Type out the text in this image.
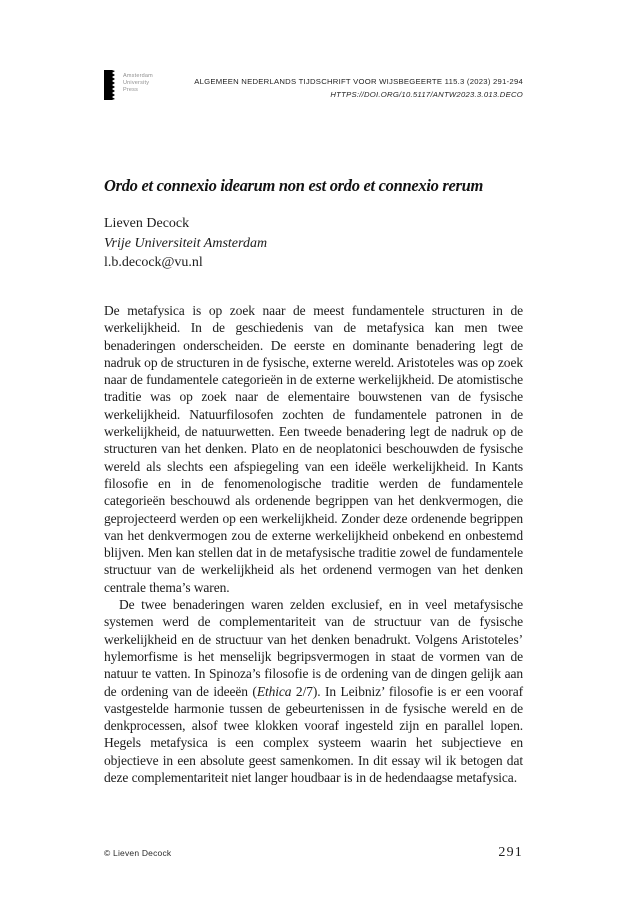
Amsterdam
University
Press
ALGEMEEN NEDERLANDS TIJDSCHRIFT VOOR WIJSBEGEERTE 115.3 (2023) 291-294
HTTPS://DOI.ORG/10.5117/ANTW2023.3.013.DECO
Ordo et connexio idearum non est ordo et connexio rerum
Lieven Decock
Vrije Universiteit Amsterdam
l.b.decock@vu.nl

De metafysica is op zoek naar de meest fundamentele structuren in de werkelijkheid. In de geschiedenis van de metafysica kan men twee benaderingen onderscheiden. De eerste en dominante benadering legt de nadruk op de structuren in de fysische, externe wereld. Aristoteles was op zoek naar de fundamentele categorieën in de externe werkelijkheid. De atomistische traditie was op zoek naar de elementaire bouwstenen van de fysische werkelijkheid. Natuurfilosofen zochten de fundamentele patronen in de werkelijkheid, de natuurwetten. Een tweede benadering legt de nadruk op de structuren van het denken. Plato en de neoplatonici beschouwden de fysische wereld als slechts een afspiegeling van een ideële werkelijkheid. In Kants filosofie en in de fenomenologische traditie werden de fundamentele categorieën beschouwd als ordenende begrippen van het denkvermogen, die geprojecteerd werden op een werkelijkheid. Zonder deze ordenende begrippen van het denkvermogen zou de externe werkelijkheid onbekend en onbestemd blijven. Men kan stellen dat in de metafysische traditie zowel de fundamentele structuur van de werkelijkheid als het ordenend vermogen van het denken centrale thema’s waren.

De twee benaderingen waren zelden exclusief, en in veel metafysische systemen werd de complementariteit van de structuur van de fysische werkelijkheid en de structuur van het denken benadrukt. Volgens Aristoteles’ hylemorfisme is het menselijk begripsvermogen in staat de vormen van de natuur te vatten. In Spinoza’s filosofie is de ordening van de dingen gelijk aan de ordening van de ideeën (Ethica 2/7). In Leibniz’ filosofie is er een vooraf vastgestelde harmonie tussen de gebeurtenissen in de fysische wereld en de denkprocessen, alsof twee klokken vooraf ingesteld zijn en parallel lopen. Hegels metafysica is een complex systeem waarin het subjectieve en objectieve in een absolute geest samenkomen. In dit essay wil ik betogen dat deze complementariteit niet langer houdbaar is in de hedendaagse metafysica.

© Lieven Decock	291
